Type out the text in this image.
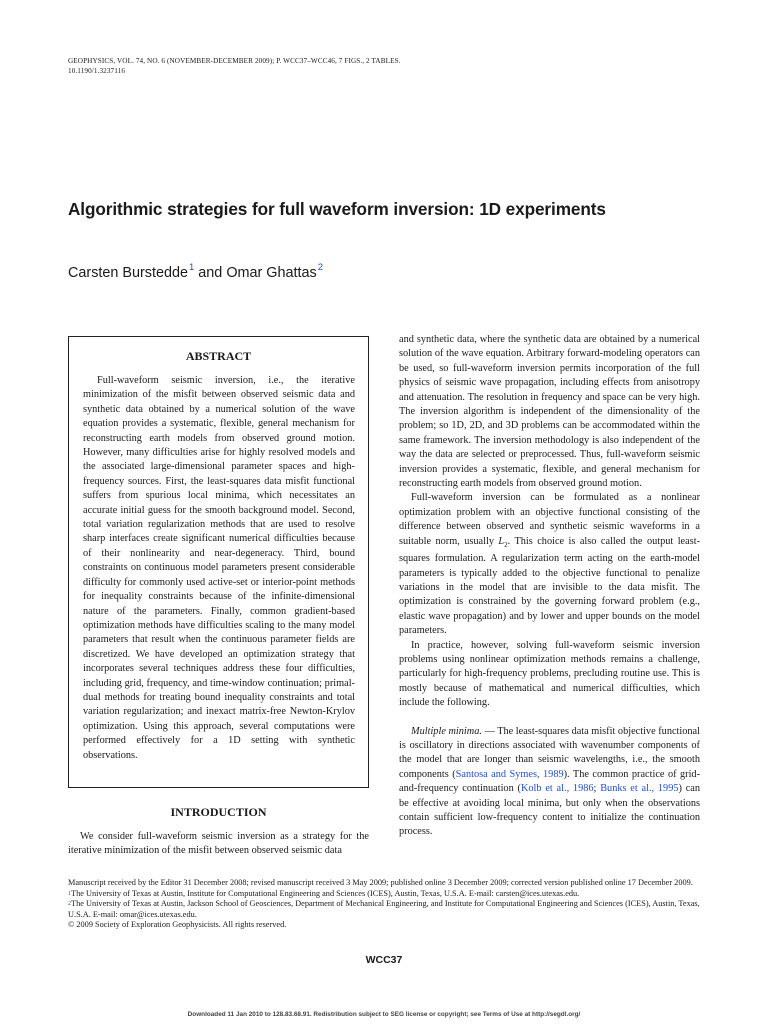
GEOPHYSICS, VOL. 74, NO. 6 (NOVEMBER-DECEMBER 2009); P. WCC37–WCC46, 7 FIGS., 2 TABLES.
10.1190/1.3237116
Algorithmic strategies for full waveform inversion: 1D experiments
Carsten Burstedde$^1$ and Omar Ghattas$^2$
ABSTRACT
Full-waveform seismic inversion, i.e., the iterative minimization of the misfit between observed seismic data and synthetic data obtained by a numerical solution of the wave equation provides a systematic, flexible, general mechanism for reconstructing earth models from observed ground motion. However, many difficulties arise for highly resolved models and the associated large-dimensional parameter spaces and high-frequency sources. First, the least-squares data misfit functional suffers from spurious local minima, which necessitates an accurate initial guess for the smooth background model. Second, total variation regularization methods that are used to resolve sharp interfaces create significant numerical difficulties because of their nonlinearity and near-degeneracy. Third, bound constraints on continuous model parameters present considerable difficulty for commonly used active-set or interior-point methods for inequality constraints because of the infinite-dimensional nature of the parameters. Finally, common gradient-based optimization methods have difficulties scaling to the many model parameters that result when the continuous parameter fields are discretized. We have developed an optimization strategy that incorporates several techniques address these four difficulties, including grid, frequency, and time-window continuation; primal-dual methods for treating bound inequality constraints and total variation regularization; and inexact matrix-free Newton-Krylov optimization. Using this approach, several computations were performed effectively for a 1D setting with synthetic observations.
INTRODUCTION
We consider full-waveform seismic inversion as a strategy for the iterative minimization of the misfit between observed seismic data

and synthetic data, where the synthetic data are obtained by a numerical solution of the wave equation. Arbitrary forward-modeling operators can be used, so full-waveform inversion permits incorporation of the full physics of seismic wave propagation, including effects from anisotropy and attenuation. The resolution in frequency and space can be very high. The inversion algorithm is independent of the dimensionality of the problem; so 1D, 2D, and 3D problems can be accommodated within the same framework. The inversion methodology is also independent of the way the data are selected or preprocessed. Thus, full-waveform seismic inversion provides a systematic, flexible, and general mechanism for reconstructing earth models from observed ground motion.

Full-waveform inversion can be formulated as a nonlinear optimization problem with an objective functional consisting of the difference between observed and synthetic seismic waveforms in a suitable norm, usually $L_2$. This choice is also called the output least-squares formulation. A regularization term acting on the earth-model parameters is typically added to the objective functional to penalize variations in the model that are invisible to the data misfit. The optimization is constrained by the governing forward problem (e.g., elastic wave propagation) and by lower and upper bounds on the model parameters.

In practice, however, solving full-waveform seismic inversion problems using nonlinear optimization methods remains a challenge, particularly for high-frequency problems, precluding routine use. This is mostly because of mathematical and numerical difficulties, which include the following.

Multiple minima. — The least-squares data misfit objective functional is oscillatory in directions associated with wavenumber components of the model that are longer than seismic wavelengths, i.e., the smooth components (Santosa and Symes, 1989). The common practice of grid-and-frequency continuation (Kolb et al., 1986; Bunks et al., 1995) can be effective at avoiding local minima, but only when the observations contain sufficient low-frequency content to initialize the continuation process.

Manuscript received by the Editor 31 December 2008; revised manuscript received 3 May 2009; published online 3 December 2009; corrected version published online 17 December 2009.
$^1$The University of Texas at Austin, Institute for Computational Engineering and Sciences (ICES), Austin, Texas, U.S.A. E-mail: carsten@ices.utexas.edu.
$^2$The University of Texas at Austin, Jackson School of Geosciences, Department of Mechanical Engineering, and Institute for Computational Engineering and Sciences (ICES), Austin, Texas, U.S.A. E-mail: omar@ices.utexas.edu.
© 2009 Society of Exploration Geophysicists. All rights reserved.
WCC37
Downloaded 11 Jan 2010 to 128.83.68.91. Redistribution subject to SEG license or copyright; see Terms of Use at http://segdl.org/
